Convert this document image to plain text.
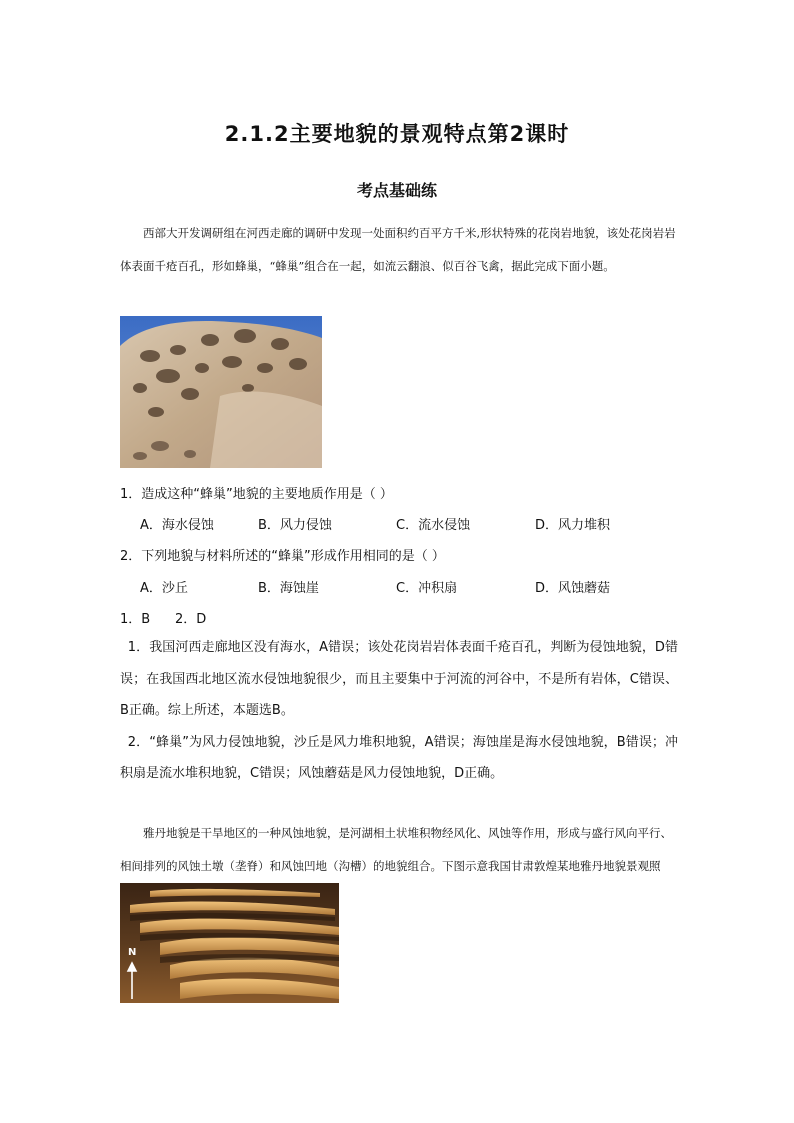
2.1.2主要地貌的景观特点第2课时
考点基础练
西部大开发调研组在河西走廊的调研中发现一处面积约百平方千米,形状特殊的花岗岩地貌，该处花岗岩岩体表面千疮百孔，形如蜂巢，“蜂巢”组合在一起，如流云翻浪、似百谷飞禽，据此完成下面小题。
1．造成这种“蜂巢”地貌的主要地质作用是（ ）
A．海水侵蚀	B．风力侵蚀	C．流水侵蚀	D．风力堆积
2．下列地貌与材料所述的“蜂巢”形成作用相同的是（ ）
A．沙丘	B．海蚀崖	C．冲积扇	D．风蚀蘑菇
1．B      2．D

1．我国河西走廊地区没有海水，A错误；该处花岗岩岩体表面千疮百孔，判断为侵蚀地貌，D错误；在我国西北地区流水侵蚀地貌很少，而且主要集中于河流的河谷中，不是所有岩体，C错误、B正确。综上所述，本题选B。

2．“蜂巢”为风力侵蚀地貌，沙丘是风力堆积地貌，A错误；海蚀崖是海水侵蚀地貌，B错误；冲积扇是流水堆积地貌，C错误；风蚀蘑菇是风力侵蚀地貌，D正确。

雅丹地貌是干旱地区的一种风蚀地貌，是河湖相土状堆积物经风化、风蚀等作用，形成与盛行风向平行、相间排列的风蚀土墩（垄脊）和风蚀凹地（沟槽）的地貌组合。下图示意我国甘肃敦煌某地雅丹地貌景观照
N
